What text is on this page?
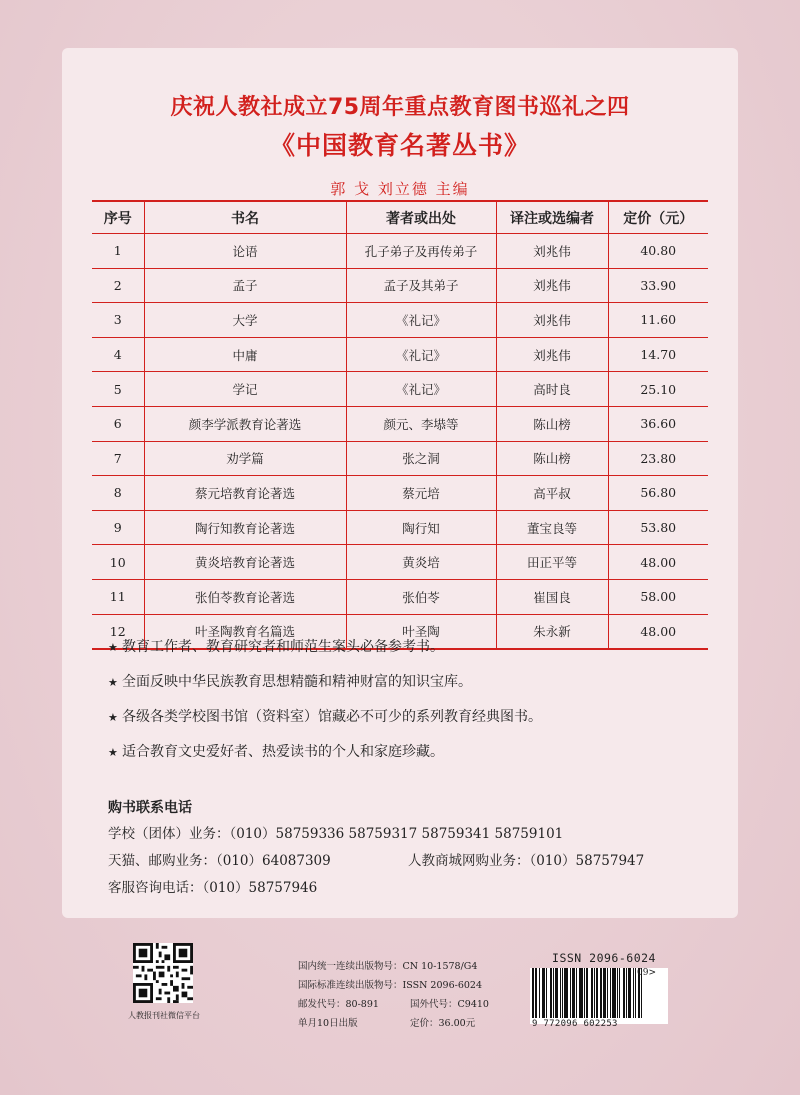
庆祝人教社成立75周年重点教育图书巡礼之四
《中国教育名著丛书》
郭 戈 刘立德 主编
序号	书名	著者或出处	译注或选编者	定价（元）
1	论语	孔子弟子及再传弟子	刘兆伟	40.80
2	孟子	孟子及其弟子	刘兆伟	33.90
3	大学	《礼记》	刘兆伟	11.60
4	中庸	《礼记》	刘兆伟	14.70
5	学记	《礼记》	高时良	25.10
6	颜李学派教育论著选	颜元、李塨等	陈山榜	36.60
7	劝学篇	张之洞	陈山榜	23.80
8	蔡元培教育论著选	蔡元培	高平叔	56.80
9	陶行知教育论著选	陶行知	董宝良等	53.80
10	黄炎培教育论著选	黄炎培	田正平等	48.00
11	张伯苓教育论著选	张伯苓	崔国良	58.00
12	叶圣陶教育名篇选	叶圣陶	朱永新	48.00
★ 教育工作者、教育研究者和师范生案头必备参考书。
★ 全面反映中华民族教育思想精髓和精神财富的知识宝库。
★ 各级各类学校图书馆（资料室）馆藏必不可少的系列教育经典图书。
★ 适合教育文史爱好者、热爱读书的个人和家庭珍藏。
购书联系电话
学校（团体）业务：（010）58759336 58759317 58759341 58759101
天猫、邮购业务：（010）64087309	人教商城网购业务：（010）58757947
客服咨询电话：（010）58757946
人教报刊社微信平台
国内统一连续出版物号：CN 10-1578/G4
国际标准连续出版物号：ISSN 2096-6024
邮发代号：80-891	国外代号：C9410
单月10日出版	定价：36.00元
ISSN 2096-6024
9 772096 602253
09>
